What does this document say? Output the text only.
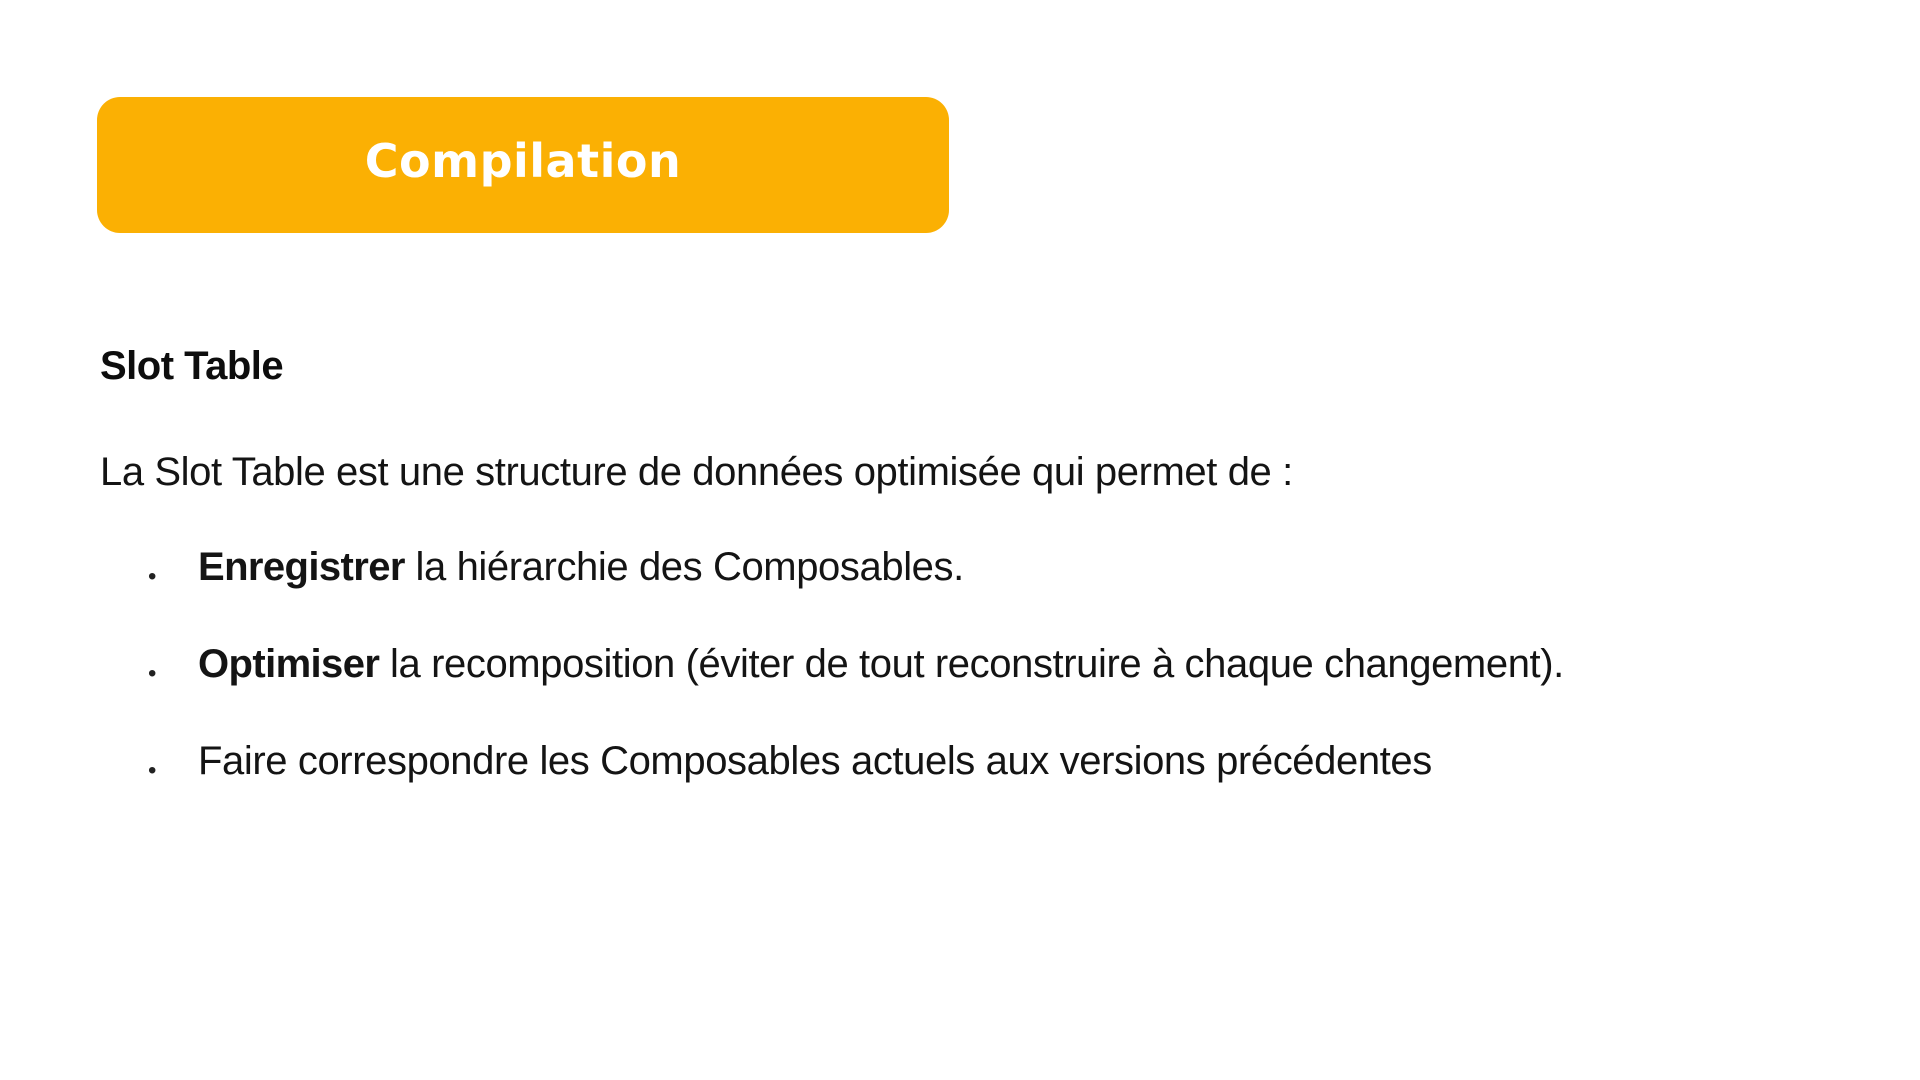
Compilation
Slot Table

La Slot Table est une structure de données optimisée qui permet de :

• Enregistrer la hiérarchie des Composables.
• Optimiser la recomposition (éviter de tout reconstruire à chaque changement).
• Faire correspondre les Composables actuels aux versions précédentes
